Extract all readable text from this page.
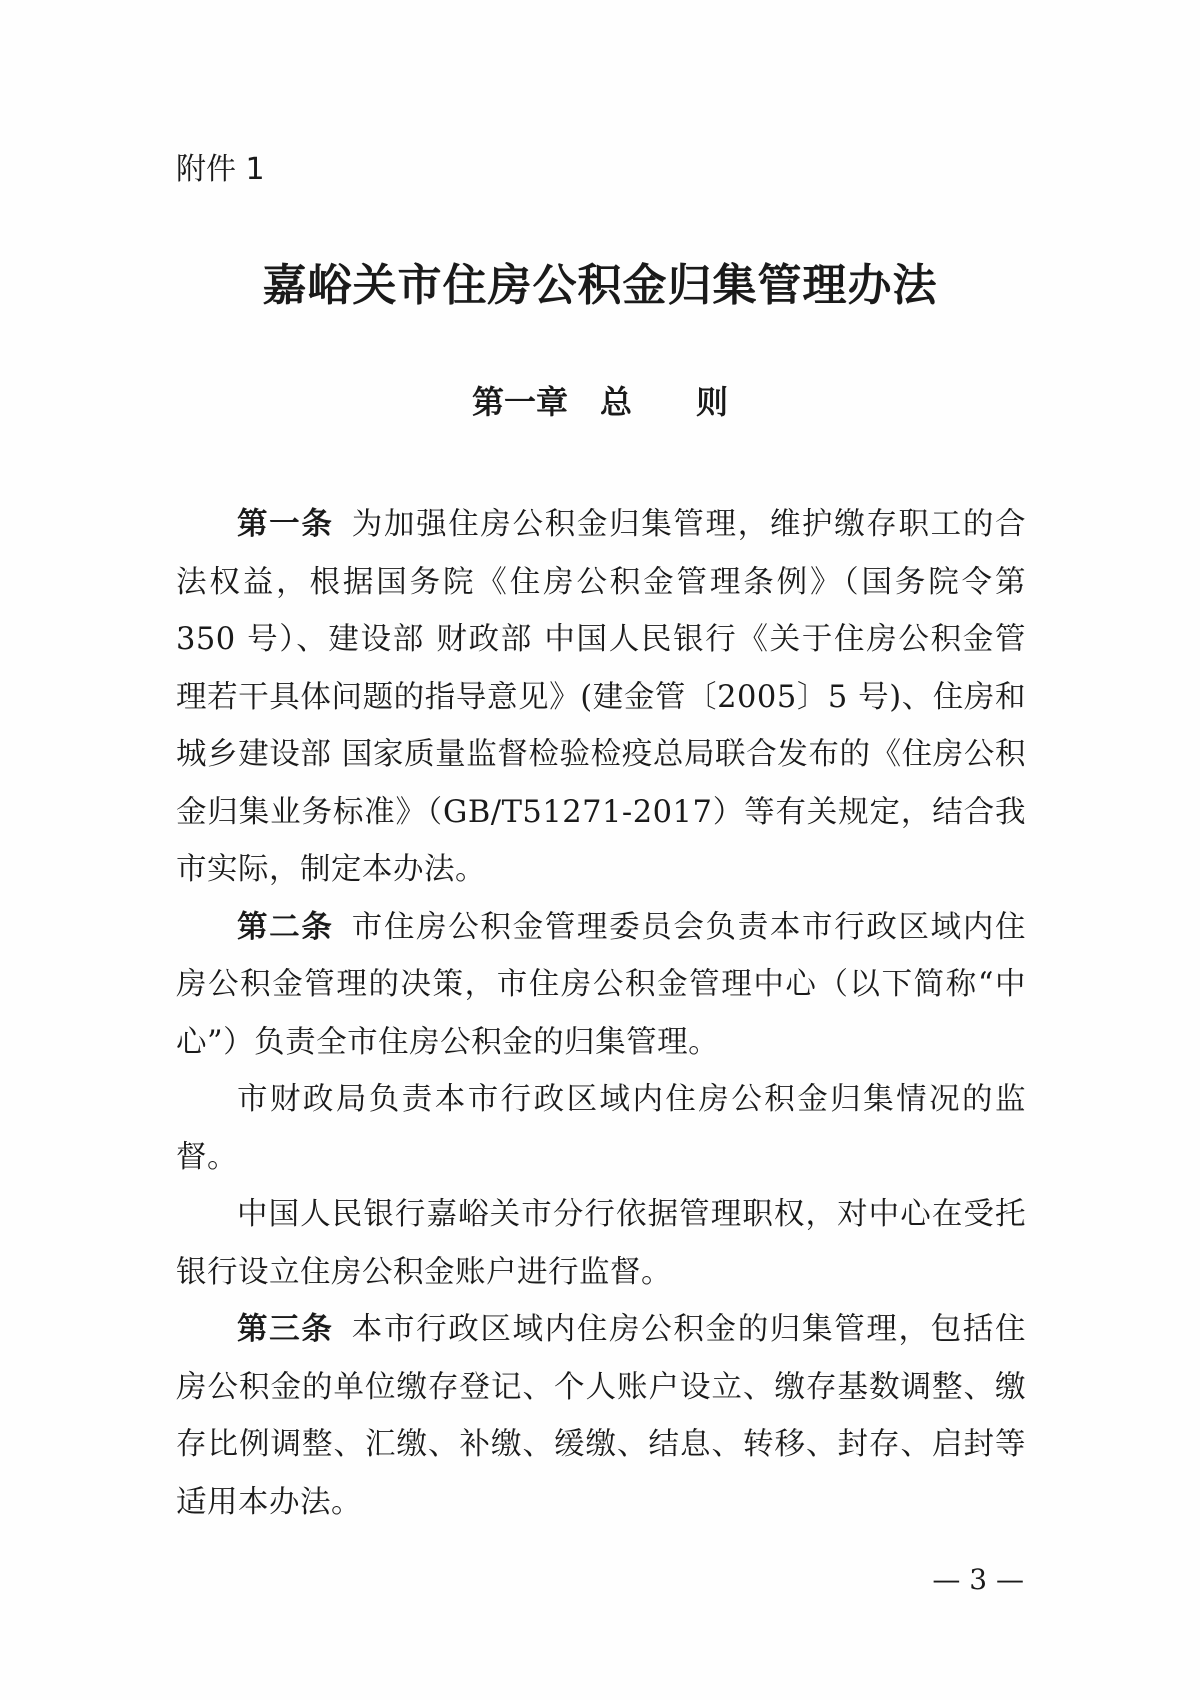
附件 1
嘉峪关市住房公积金归集管理办法
第一章　总　　则

第一条 为加强住房公积金归集管理，维护缴存职工的合法权益，根据国务院《住房公积金管理条例》（国务院令第 350 号）、建设部 财政部 中国人民银行《关于住房公积金管理若干具体问题的指导意见》(建金管〔2005〕5 号)、住房和城乡建设部 国家质量监督检验检疫总局联合发布的《住房公积金归集业务标准》（GB/T51271-2017）等有关规定，结合我市实际，制定本办法。

第二条 市住房公积金管理委员会负责本市行政区域内住房公积金管理的决策，市住房公积金管理中心（以下简称“中心”）负责全市住房公积金的归集管理。

市财政局负责本市行政区域内住房公积金归集情况的监督。

中国人民银行嘉峪关市分行依据管理职权，对中心在受托银行设立住房公积金账户进行监督。

第三条 本市行政区域内住房公积金的归集管理，包括住房公积金的单位缴存登记、个人账户设立、缴存基数调整、缴存比例调整、汇缴、补缴、缓缴、结息、转移、封存、启封等适用本办法。

— 3 —
